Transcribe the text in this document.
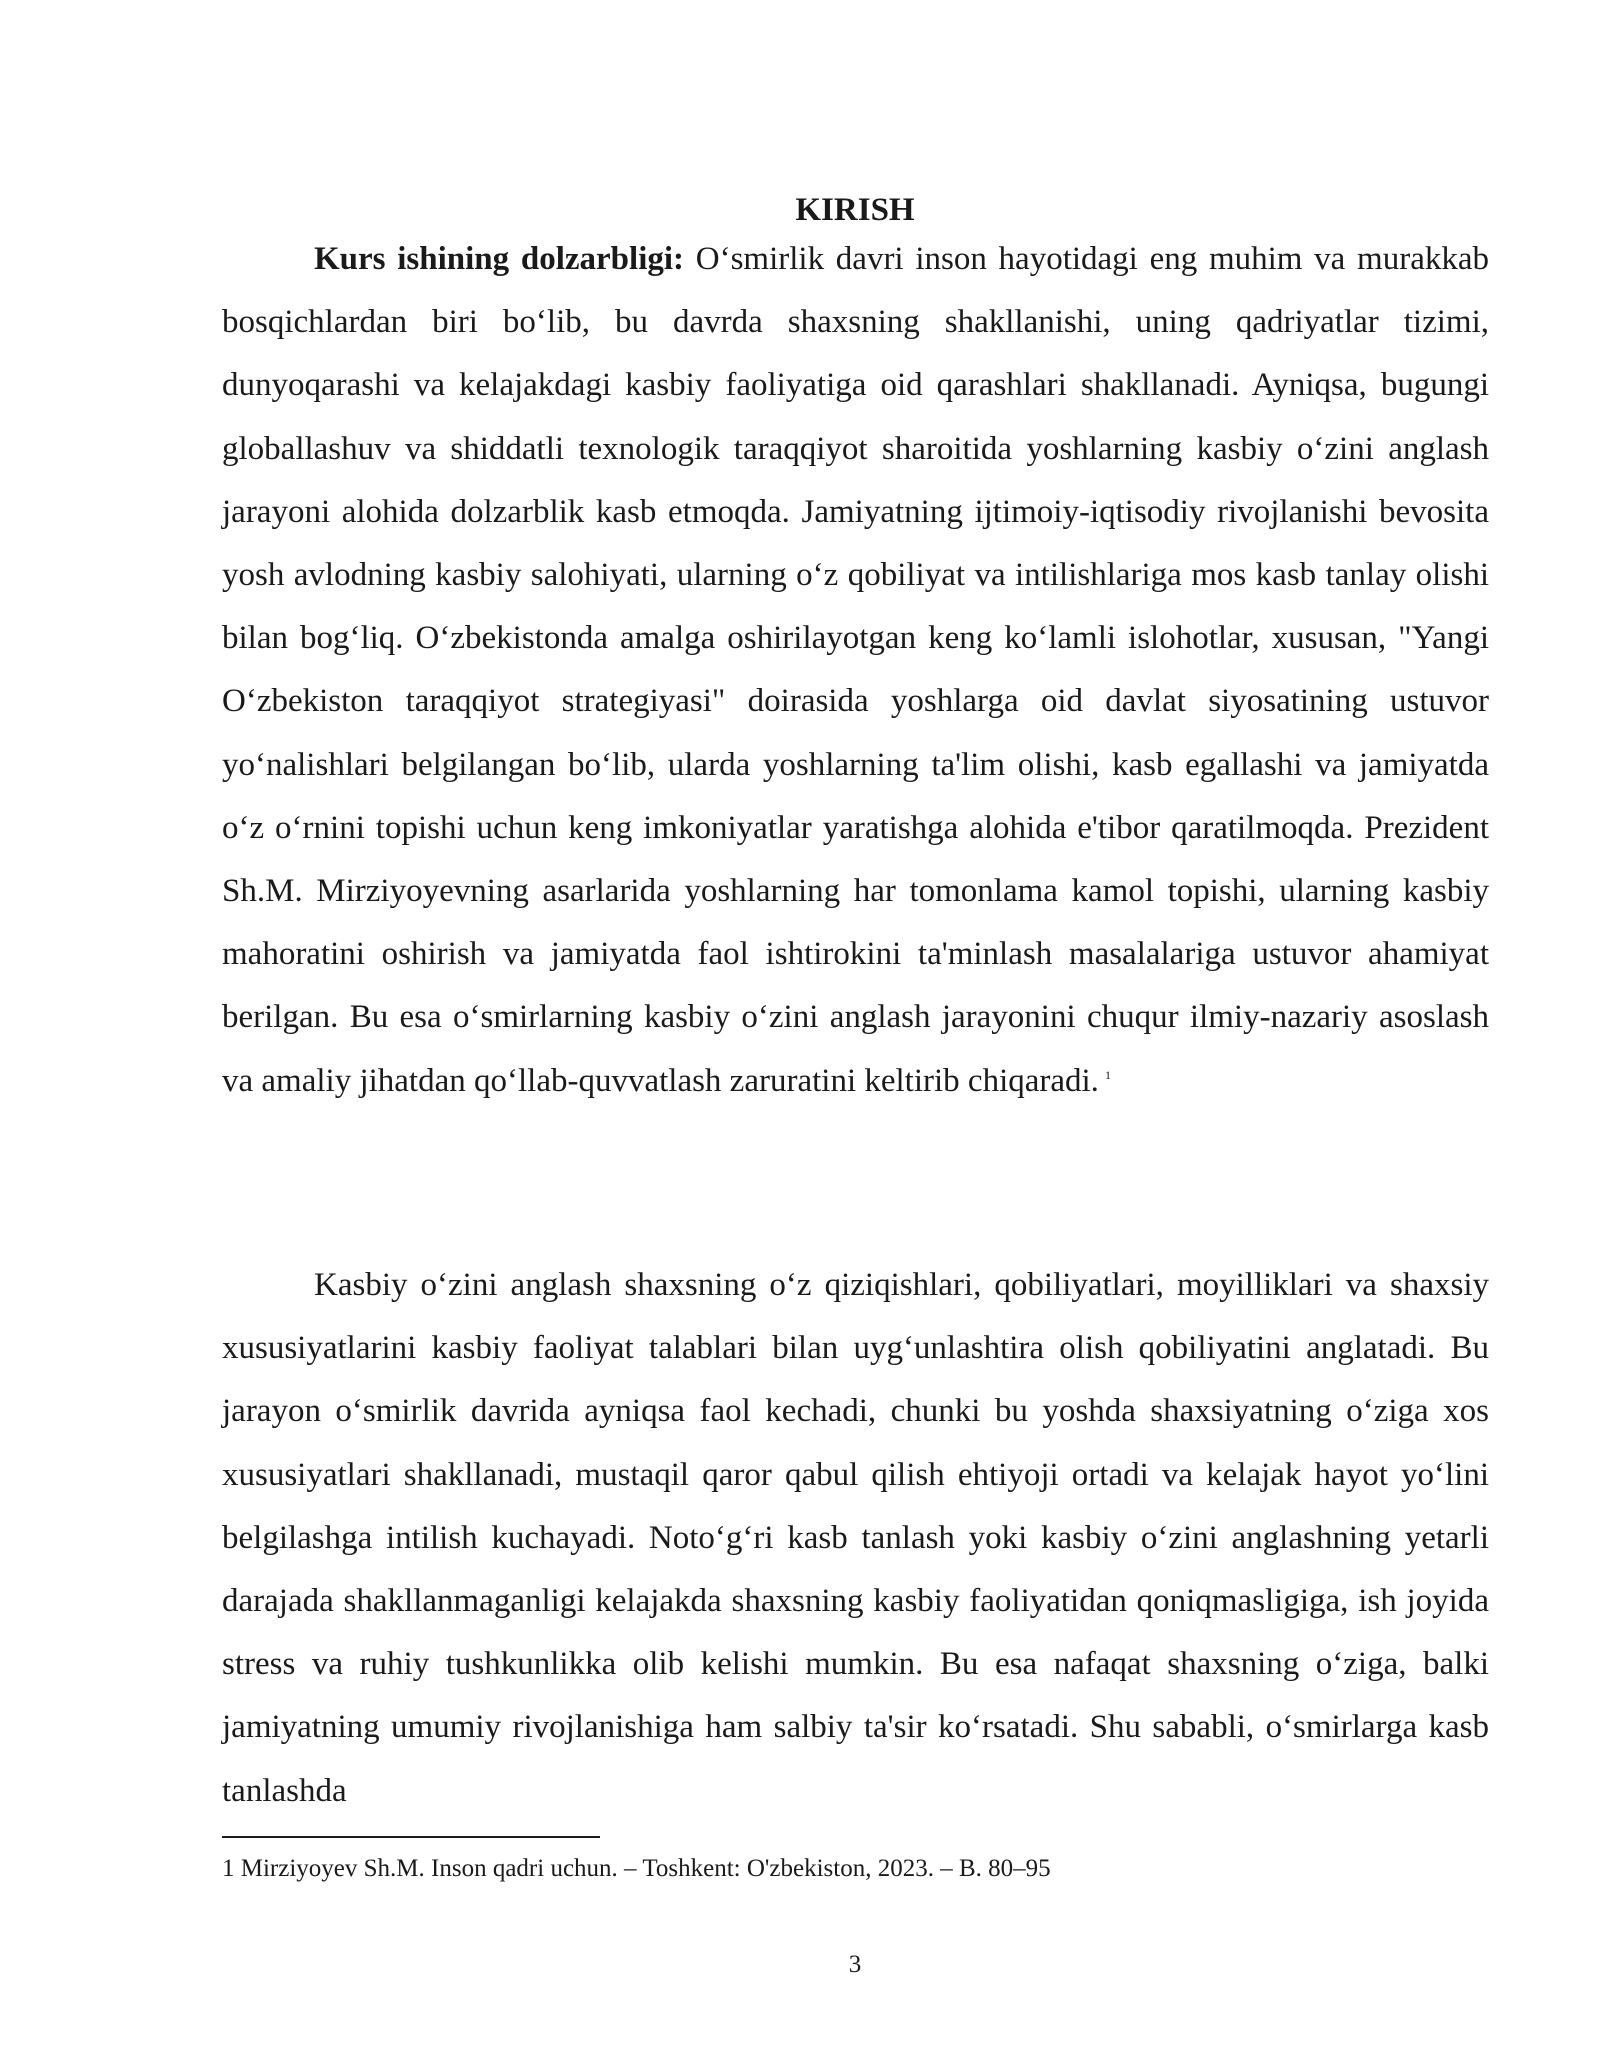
KIRISH

Kurs ishining dolzarbligi: O‘smirlik davri inson hayotidagi eng muhim va murakkab bosqichlardan biri bo‘lib, bu davrda shaxsning shakllanishi, uning qadriyatlar tizimi, dunyoqarashi va kelajakdagi kasbiy faoliyatiga oid qarashlari shakllanadi. Ayniqsa, bugungi globallashuv va shiddatli texnologik taraqqiyot sharoitida yoshlarning kasbiy o‘zini anglash jarayoni alohida dolzarblik kasb etmoqda. Jamiyatning ijtimoiy-iqtisodiy rivojlanishi bevosita yosh avlodning kasbiy salohiyati, ularning o‘z qobiliyat va intilishlariga mos kasb tanlay olishi bilan bog‘liq. O‘zbekistonda amalga oshirilayotgan keng ko‘lamli islohotlar, xususan, "Yangi O‘zbekiston taraqqiyot strategiyasi" doirasida yoshlarga oid davlat siyosatining ustuvor yo‘nalishlari belgilangan bo‘lib, ularda yoshlarning ta'lim olishi, kasb egallashi va jamiyatda o‘z o‘rnini topishi uchun keng imkoniyatlar yaratishga alohida e'tibor qaratilmoqda. Prezident Sh.M. Mirziyoyevning asarlarida yoshlarning har tomonlama kamol topishi, ularning kasbiy mahoratini oshirish va jamiyatda faol ishtirokini ta'minlash masalalariga ustuvor ahamiyat berilgan. Bu esa o‘smirlarning kasbiy o‘zini anglash jarayonini chuqur ilmiy-nazariy asoslash va amaliy jihatdan qo‘llab-quvvatlash zaruratini keltirib chiqaradi. $^1$

Kasbiy o‘zini anglash shaxsning o‘z qiziqishlari, qobiliyatlari, moyilliklari va shaxsiy xususiyatlarini kasbiy faoliyat talablari bilan uyg‘unlashtira olish qobiliyatini anglatadi. Bu jarayon o‘smirlik davrida ayniqsa faol kechadi, chunki bu yoshda shaxsiyatning o‘ziga xos xususiyatlari shakllanadi, mustaqil qaror qabul qilish ehtiyoji ortadi va kelajak hayot yo‘lini belgilashga intilish kuchayadi. Noto‘g‘ri kasb tanlash yoki kasbiy o‘zini anglashning yetarli darajada shakllanmaganligi kelajakda shaxsning kasbiy faoliyatidan qoniqmasligiga, ish joyida stress va ruhiy tushkunlikka olib kelishi mumkin. Bu esa nafaqat shaxsning o‘ziga, balki jamiyatning umumiy rivojlanishiga ham salbiy ta'sir ko‘rsatadi. Shu sababli, o‘smirlarga kasb tanlashda

1 Mirziyoyev Sh.M. Inson qadri uchun. – Toshkent: O'zbekiston, 2023. – B. 80–95

3
